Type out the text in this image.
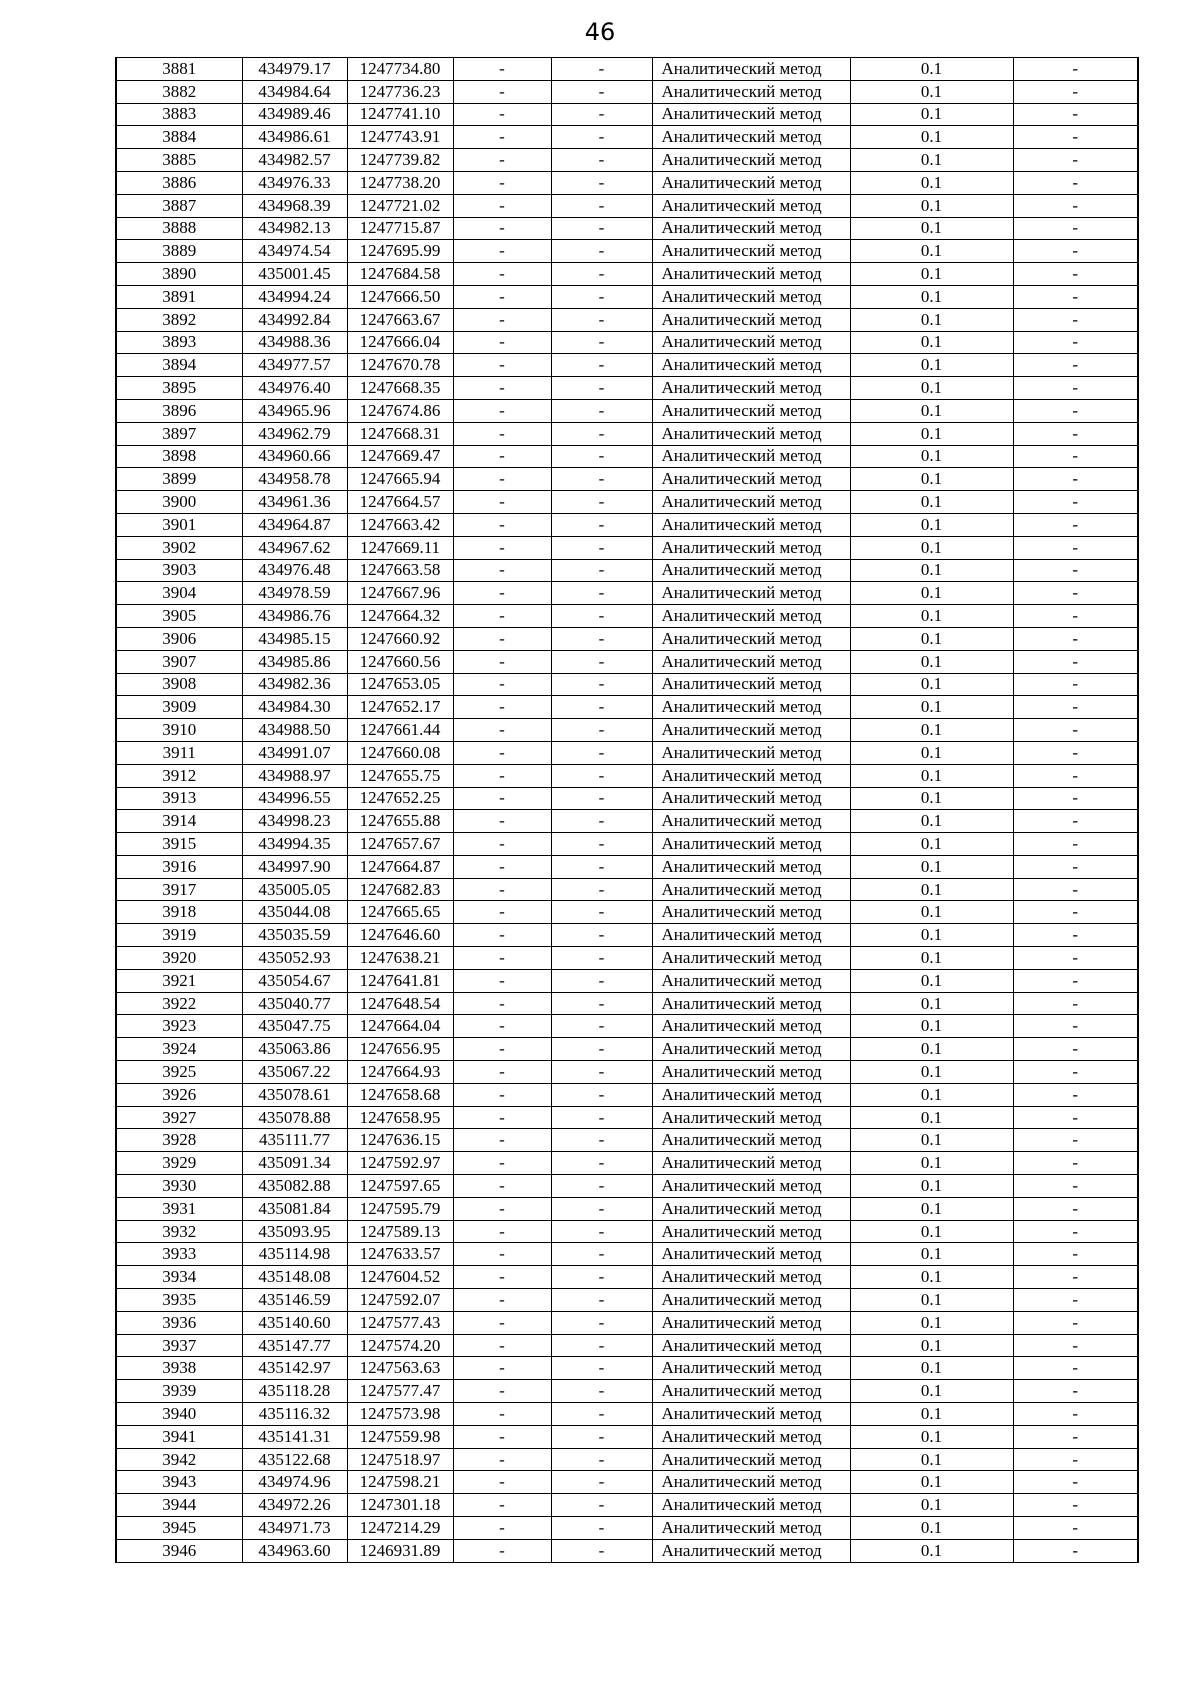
46
3881	434979.17	1247734.80	-	-	Аналитический метод	0.1	-
3882	434984.64	1247736.23	-	-	Аналитический метод	0.1	-
3883	434989.46	1247741.10	-	-	Аналитический метод	0.1	-
3884	434986.61	1247743.91	-	-	Аналитический метод	0.1	-
3885	434982.57	1247739.82	-	-	Аналитический метод	0.1	-
3886	434976.33	1247738.20	-	-	Аналитический метод	0.1	-
3887	434968.39	1247721.02	-	-	Аналитический метод	0.1	-
3888	434982.13	1247715.87	-	-	Аналитический метод	0.1	-
3889	434974.54	1247695.99	-	-	Аналитический метод	0.1	-
3890	435001.45	1247684.58	-	-	Аналитический метод	0.1	-
3891	434994.24	1247666.50	-	-	Аналитический метод	0.1	-
3892	434992.84	1247663.67	-	-	Аналитический метод	0.1	-
3893	434988.36	1247666.04	-	-	Аналитический метод	0.1	-
3894	434977.57	1247670.78	-	-	Аналитический метод	0.1	-
3895	434976.40	1247668.35	-	-	Аналитический метод	0.1	-
3896	434965.96	1247674.86	-	-	Аналитический метод	0.1	-
3897	434962.79	1247668.31	-	-	Аналитический метод	0.1	-
3898	434960.66	1247669.47	-	-	Аналитический метод	0.1	-
3899	434958.78	1247665.94	-	-	Аналитический метод	0.1	-
3900	434961.36	1247664.57	-	-	Аналитический метод	0.1	-
3901	434964.87	1247663.42	-	-	Аналитический метод	0.1	-
3902	434967.62	1247669.11	-	-	Аналитический метод	0.1	-
3903	434976.48	1247663.58	-	-	Аналитический метод	0.1	-
3904	434978.59	1247667.96	-	-	Аналитический метод	0.1	-
3905	434986.76	1247664.32	-	-	Аналитический метод	0.1	-
3906	434985.15	1247660.92	-	-	Аналитический метод	0.1	-
3907	434985.86	1247660.56	-	-	Аналитический метод	0.1	-
3908	434982.36	1247653.05	-	-	Аналитический метод	0.1	-
3909	434984.30	1247652.17	-	-	Аналитический метод	0.1	-
3910	434988.50	1247661.44	-	-	Аналитический метод	0.1	-
3911	434991.07	1247660.08	-	-	Аналитический метод	0.1	-
3912	434988.97	1247655.75	-	-	Аналитический метод	0.1	-
3913	434996.55	1247652.25	-	-	Аналитический метод	0.1	-
3914	434998.23	1247655.88	-	-	Аналитический метод	0.1	-
3915	434994.35	1247657.67	-	-	Аналитический метод	0.1	-
3916	434997.90	1247664.87	-	-	Аналитический метод	0.1	-
3917	435005.05	1247682.83	-	-	Аналитический метод	0.1	-
3918	435044.08	1247665.65	-	-	Аналитический метод	0.1	-
3919	435035.59	1247646.60	-	-	Аналитический метод	0.1	-
3920	435052.93	1247638.21	-	-	Аналитический метод	0.1	-
3921	435054.67	1247641.81	-	-	Аналитический метод	0.1	-
3922	435040.77	1247648.54	-	-	Аналитический метод	0.1	-
3923	435047.75	1247664.04	-	-	Аналитический метод	0.1	-
3924	435063.86	1247656.95	-	-	Аналитический метод	0.1	-
3925	435067.22	1247664.93	-	-	Аналитический метод	0.1	-
3926	435078.61	1247658.68	-	-	Аналитический метод	0.1	-
3927	435078.88	1247658.95	-	-	Аналитический метод	0.1	-
3928	435111.77	1247636.15	-	-	Аналитический метод	0.1	-
3929	435091.34	1247592.97	-	-	Аналитический метод	0.1	-
3930	435082.88	1247597.65	-	-	Аналитический метод	0.1	-
3931	435081.84	1247595.79	-	-	Аналитический метод	0.1	-
3932	435093.95	1247589.13	-	-	Аналитический метод	0.1	-
3933	435114.98	1247633.57	-	-	Аналитический метод	0.1	-
3934	435148.08	1247604.52	-	-	Аналитический метод	0.1	-
3935	435146.59	1247592.07	-	-	Аналитический метод	0.1	-
3936	435140.60	1247577.43	-	-	Аналитический метод	0.1	-
3937	435147.77	1247574.20	-	-	Аналитический метод	0.1	-
3938	435142.97	1247563.63	-	-	Аналитический метод	0.1	-
3939	435118.28	1247577.47	-	-	Аналитический метод	0.1	-
3940	435116.32	1247573.98	-	-	Аналитический метод	0.1	-
3941	435141.31	1247559.98	-	-	Аналитический метод	0.1	-
3942	435122.68	1247518.97	-	-	Аналитический метод	0.1	-
3943	434974.96	1247598.21	-	-	Аналитический метод	0.1	-
3944	434972.26	1247301.18	-	-	Аналитический метод	0.1	-
3945	434971.73	1247214.29	-	-	Аналитический метод	0.1	-
3946	434963.60	1246931.89	-	-	Аналитический метод	0.1	-
